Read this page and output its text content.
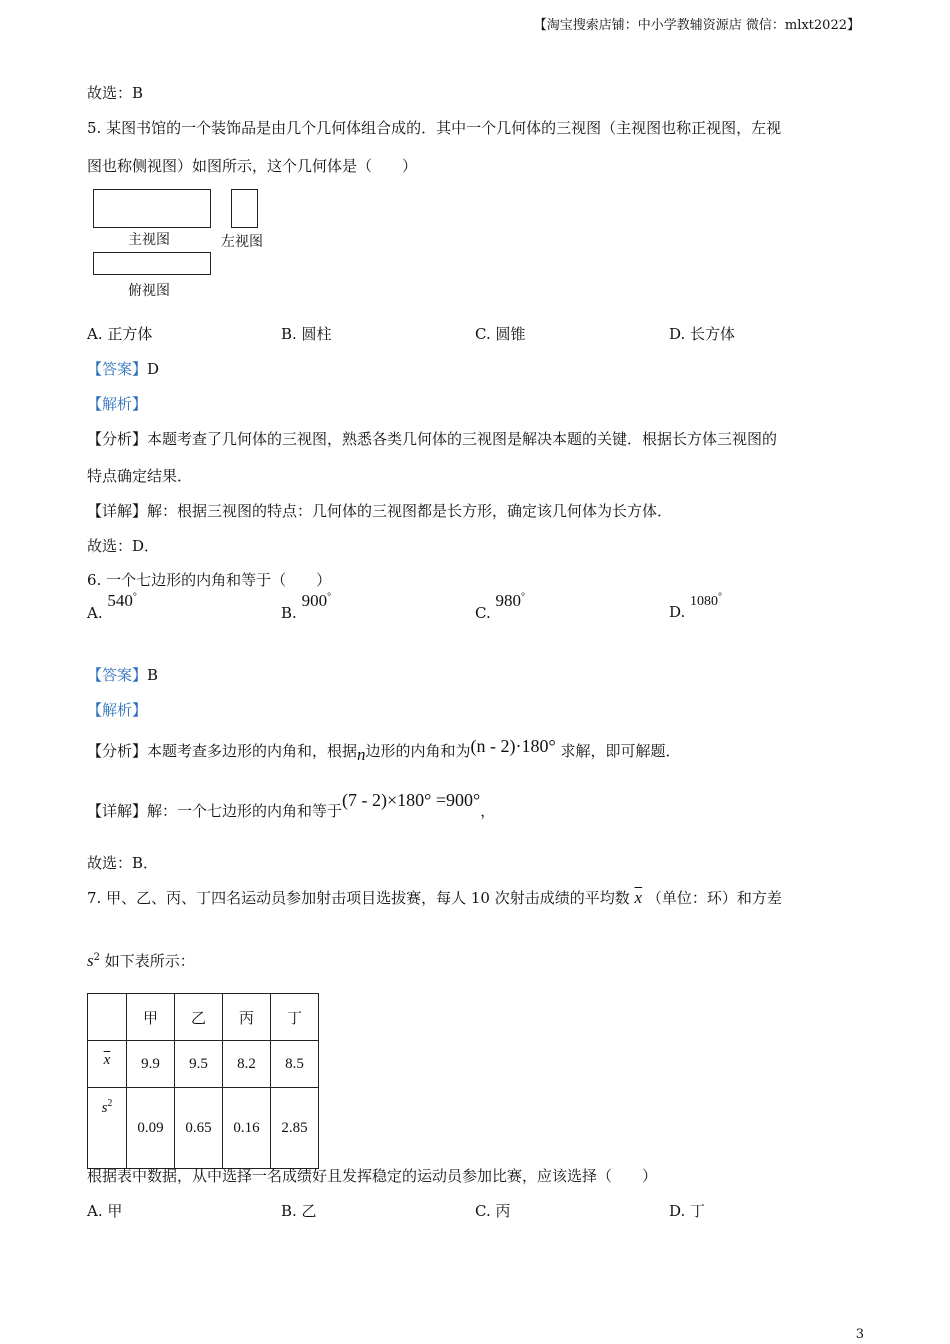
【淘宝搜索店铺：中小学教辅资源店 微信：mlxt2022】
故选：B
5. 某图书馆的一个装饰品是由几个几何体组合成的．其中一个几何体的三视图（主视图也称正视图，左视
图也称侧视图）如图所示，这个几何体是（　　）
主视图	左视图
俯视图
A. 正方体	B. 圆柱	C. 圆锥	D. 长方体
【答案】D
【解析】
【分析】本题考查了几何体的三视图，熟悉各类几何体的三视图是解决本题的关键．根据长方体三视图的
特点确定结果．
【详解】解：根据三视图的特点：几何体的三视图都是长方形，确定该几何体为长方体．
故选：D．
6. 一个七边形的内角和等于（　　）
A. 540°
B. 900°
C. 980°
D. 1080°
【答案】B
【解析】
【分析】本题考查多边形的内角和，根据n边形的内角和为(n - 2)·180° 求解，即可解题．
【详解】解：一个七边形的内角和等于(7 - 2)×180° =900°，
故选：B．
7. 甲、乙、丙、丁四名运动员参加射击项目选拔赛，每人 10 次射击成绩的平均数 $\overline{x}$ （单位：环）和方差
$s^2$ 如下表所示：
	甲	乙	丙	丁
$\overline{x}$	9.9	9.5	8.2	8.5
$s^2$	0.09	0.65	0.16	2.85
根据表中数据，从中选择一名成绩好且发挥稳定的运动员参加比赛，应该选择（　　）
A. 甲	B. 乙	C. 丙	D. 丁
3
